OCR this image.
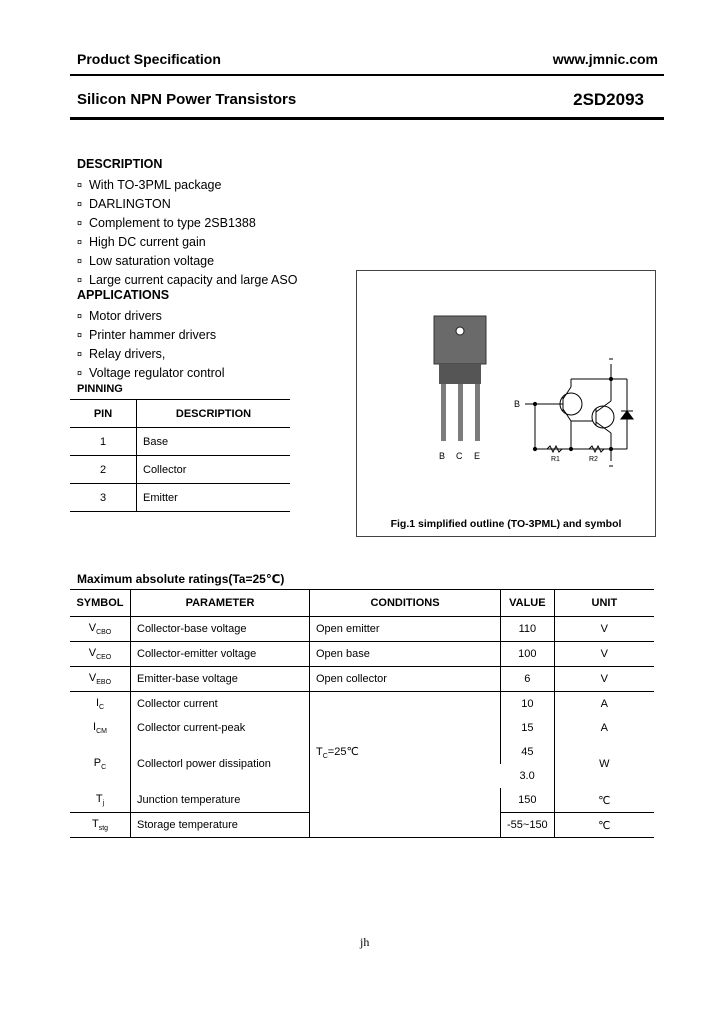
Product Specification	www.jmnic.com
Silicon NPN Power Transistors	2SD2093
DESCRIPTION
¤ With TO-3PML package
¤ DARLINGTON
¤ Complement to type 2SB1388
¤ High DC current gain
¤ Low saturation voltage
¤ Large current capacity and large ASO
APPLICATIONS
¤ Motor drivers
¤ Printer hammer drivers
¤ Relay drivers,
¤ Voltage regulator control
PINNING
PIN	DESCRIPTION
1	Base
2	Collector
3	Emitter
B C E
B
R1	R2
Fig.1 simplified outline (TO-3PML) and symbol
Maximum absolute ratings(Ta=25℃)
SYMBOL	PARAMETER	CONDITIONS	VALUE	UNIT
$V_{CBO}$	Collector-base voltage	Open emitter	110	V
$V_{CEO}$	Collector-emitter voltage	Open base	100	V
$V_{EBO}$	Emitter-base voltage	Open collector	6	V
$I_C$	Collector current	$T_C=25℃$	10	A
$I_{CM}$	Collector current-peak		15	A
$P_C$	Collectorl power dissipation		45	W
			3.0	
$T_j$	Junction temperature		150	℃
$T_{stg}$	Storage temperature		-55~150	℃
jh
